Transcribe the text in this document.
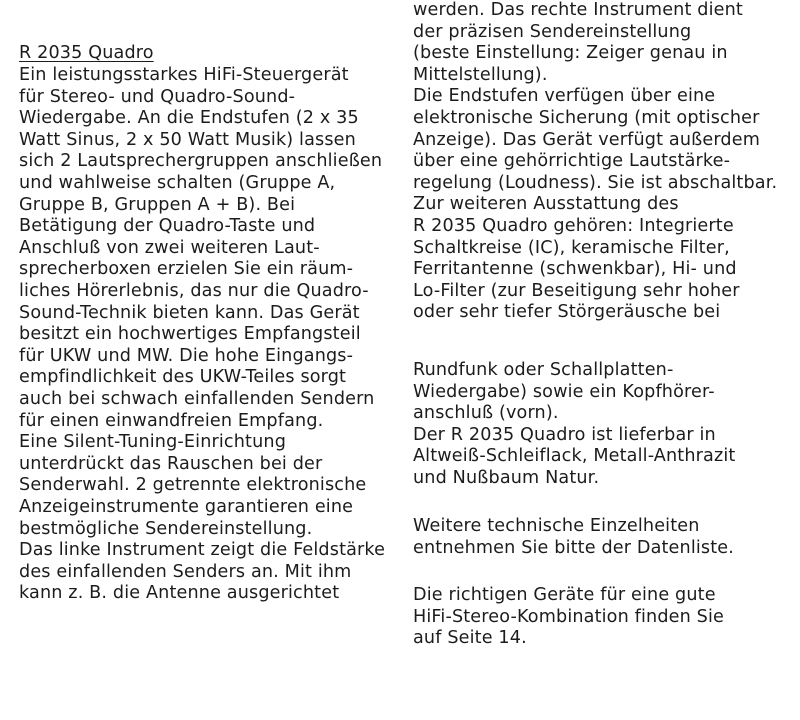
R 2035 Quadro
Ein leistungsstarkes HiFi-Steuergerät
für Stereo- und Quadro-Sound-
Wiedergabe. An die Endstufen (2 x 35
Watt Sinus, 2 x 50 Watt Musik) lassen
sich 2 Lautsprechergruppen anschließen
und wahlweise schalten (Gruppe A,
Gruppe B, Gruppen A + B). Bei
Betätigung der Quadro-Taste und
Anschluß von zwei weiteren Laut-
sprecherboxen erzielen Sie ein räum-
liches Hörerlebnis, das nur die Quadro-
Sound-Technik bieten kann. Das Gerät
besitzt ein hochwertiges Empfangsteil
für UKW und MW. Die hohe Eingangs-
empfindlichkeit des UKW-Teiles sorgt
auch bei schwach einfallenden Sendern
für einen einwandfreien Empfang.
Eine Silent-Tuning-Einrichtung
unterdrückt das Rauschen bei der
Senderwahl. 2 getrennte elektronische
Anzeigeinstrumente garantieren eine
bestmögliche Sendereinstellung.
Das linke Instrument zeigt die Feldstärke
des einfallenden Senders an. Mit ihm
kann z. B. die Antenne ausgerichtet
werden. Das rechte Instrument dient
der präzisen Sendereinstellung
(beste Einstellung: Zeiger genau in
Mittelstellung).
Die Endstufen verfügen über eine
elektronische Sicherung (mit optischer
Anzeige). Das Gerät verfügt außerdem
über eine gehörrichtige Lautstärke-
regelung (Loudness). Sie ist abschaltbar.
Zur weiteren Ausstattung des
R 2035 Quadro gehören: Integrierte
Schaltkreise (IC), keramische Filter,
Ferritantenne (schwenkbar), Hi- und
Lo-Filter (zur Beseitigung sehr hoher
oder sehr tiefer Störgeräusche bei
Rundfunk oder Schallplatten-
Wiedergabe) sowie ein Kopfhörer-
anschluß (vorn).
Der R 2035 Quadro ist lieferbar in
Altweiß-Schleiflack, Metall-Anthrazit
und Nußbaum Natur.
Weitere technische Einzelheiten
entnehmen Sie bitte der Datenliste.
Die richtigen Geräte für eine gute
HiFi-Stereo-Kombination finden Sie
auf Seite 14.
